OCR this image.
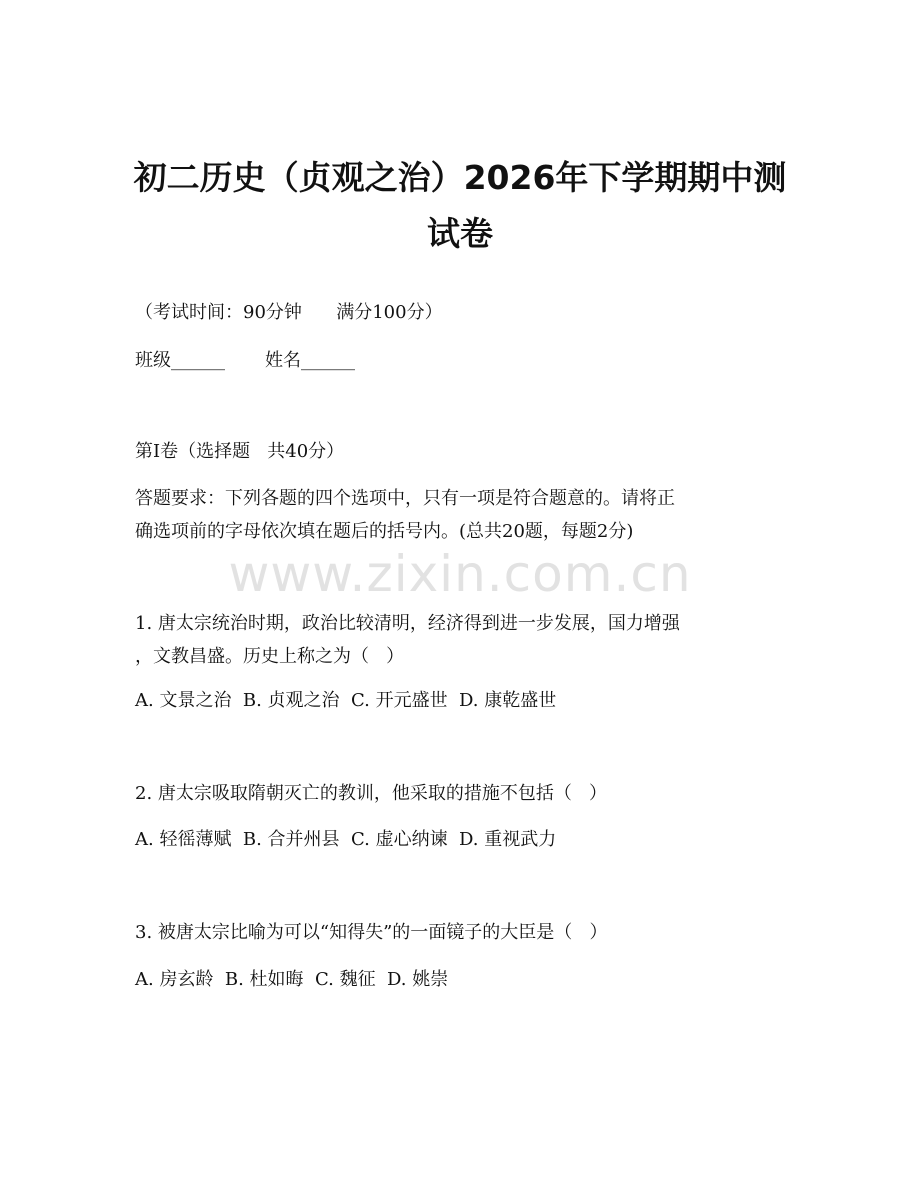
www.zixin.com.cn
初二历史（贞观之治）2026年下学期期中测
试卷

（考试时间：90分钟      满分100分）

班级______       姓名______

第Ⅰ卷（选择题   共40分）

答题要求：下列各题的四个选项中，只有一项是符合题意的。请将正
确选项前的字母依次填在题后的括号内。(总共20题，每题2分)
1. 唐太宗统治时期，政治比较清明，经济得到进一步发展，国力增强
，文教昌盛。历史上称之为（   ）

A. 文景之治  B. 贞观之治  C. 开元盛世  D. 康乾盛世

2. 唐太宗吸取隋朝灭亡的教训，他采取的措施不包括（   ）

A. 轻徭薄赋  B. 合并州县  C. 虚心纳谏  D. 重视武力

3. 被唐太宗比喻为可以“知得失”的一面镜子的大臣是（   ）

A. 房玄龄  B. 杜如晦  C. 魏征  D. 姚崇
